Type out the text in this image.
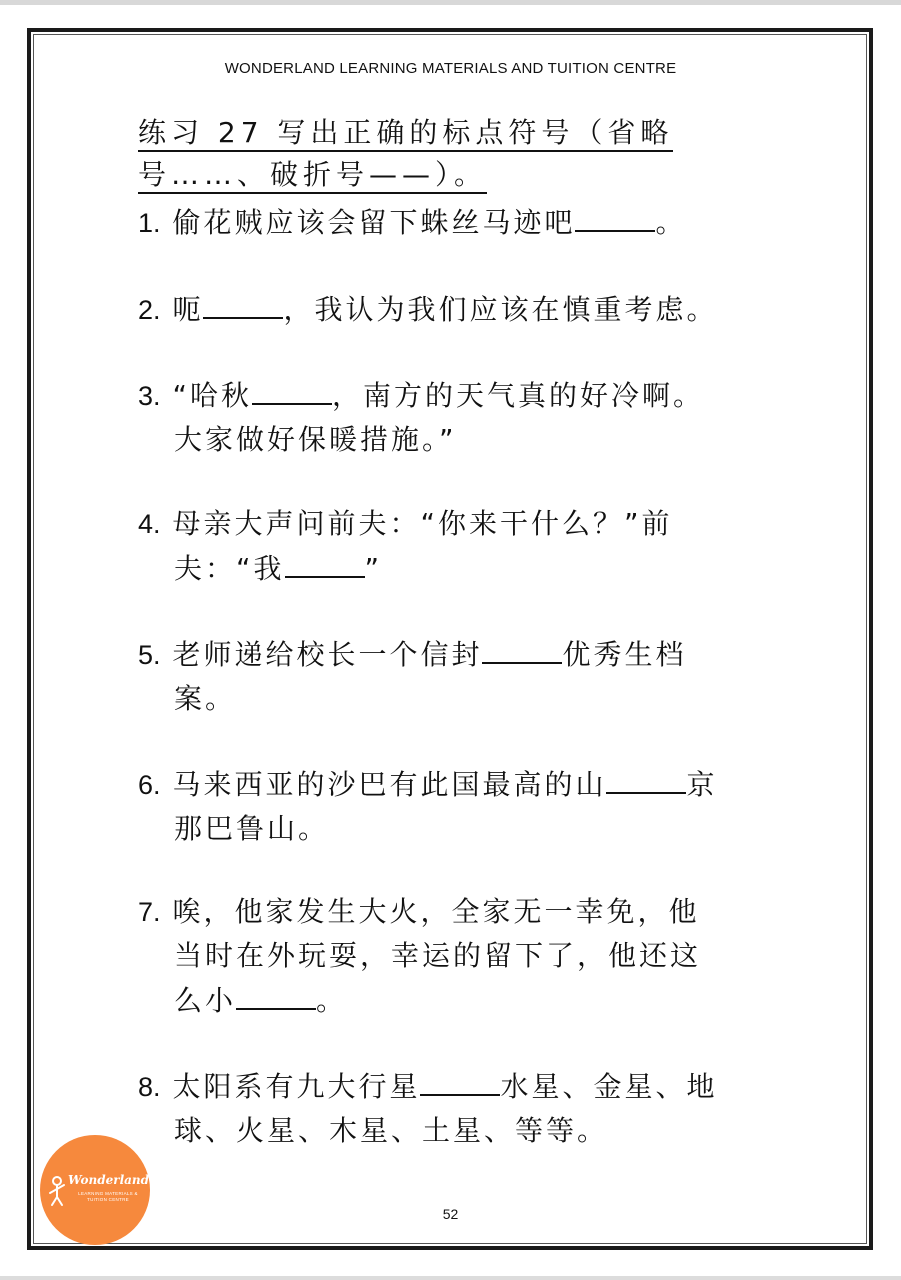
WONDERLAND LEARNING MATERIALS AND TUITION CENTRE
练习 27 写出正确的标点符号（省略
号……、破折号——）。
1. 偷花贼应该会留下蛛丝马迹吧	。
2. 呃	，我认为我们应该在慎重考虑。
3. “哈秋	，南方的天气真的好冷啊。
大家做好保暖措施。”
4. 母亲大声问前夫：“你来干什么？”前
夫：“我	”
5. 老师递给校长一个信封	优秀生档
案。
6. 马来西亚的沙巴有此国最高的山	京
那巴鲁山。
7. 唉，他家发生大火，全家无一幸免，他
当时在外玩耍，幸运的留下了，他还这
么小	。
8. 太阳系有九大行星	水星、金星、地
球、火星、木星、土星、等等。
Wonderland
LEARNING MATERIALS & TUITION CENTRE
52
